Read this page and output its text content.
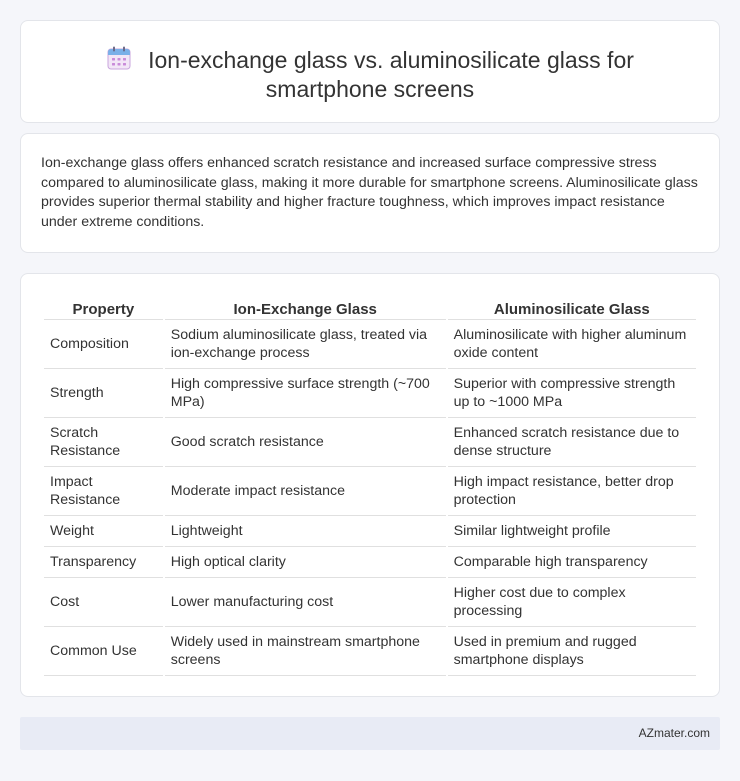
Ion-exchange glass vs. aluminosilicate glass for
smartphone screens

Ion-exchange glass offers enhanced scratch resistance and increased surface compressive stress compared to aluminosilicate glass, making it more durable for smartphone screens. Aluminosilicate glass provides superior thermal stability and higher fracture toughness, which improves impact resistance under extreme conditions.

Property	Ion-Exchange Glass	Aluminosilicate Glass
Composition	Sodium aluminosilicate glass, treated via ion-exchange process	Aluminosilicate with higher aluminum oxide content
Strength	High compressive surface strength (~700 MPa)	Superior with compressive strength up to ~1000 MPa
Scratch Resistance	Good scratch resistance	Enhanced scratch resistance due to dense structure
Impact Resistance	Moderate impact resistance	High impact resistance, better drop protection
Weight	Lightweight	Similar lightweight profile
Transparency	High optical clarity	Comparable high transparency
Cost	Lower manufacturing cost	Higher cost due to complex processing
Common Use	Widely used in mainstream smartphone screens	Used in premium and rugged smartphone displays
AZmater.com
